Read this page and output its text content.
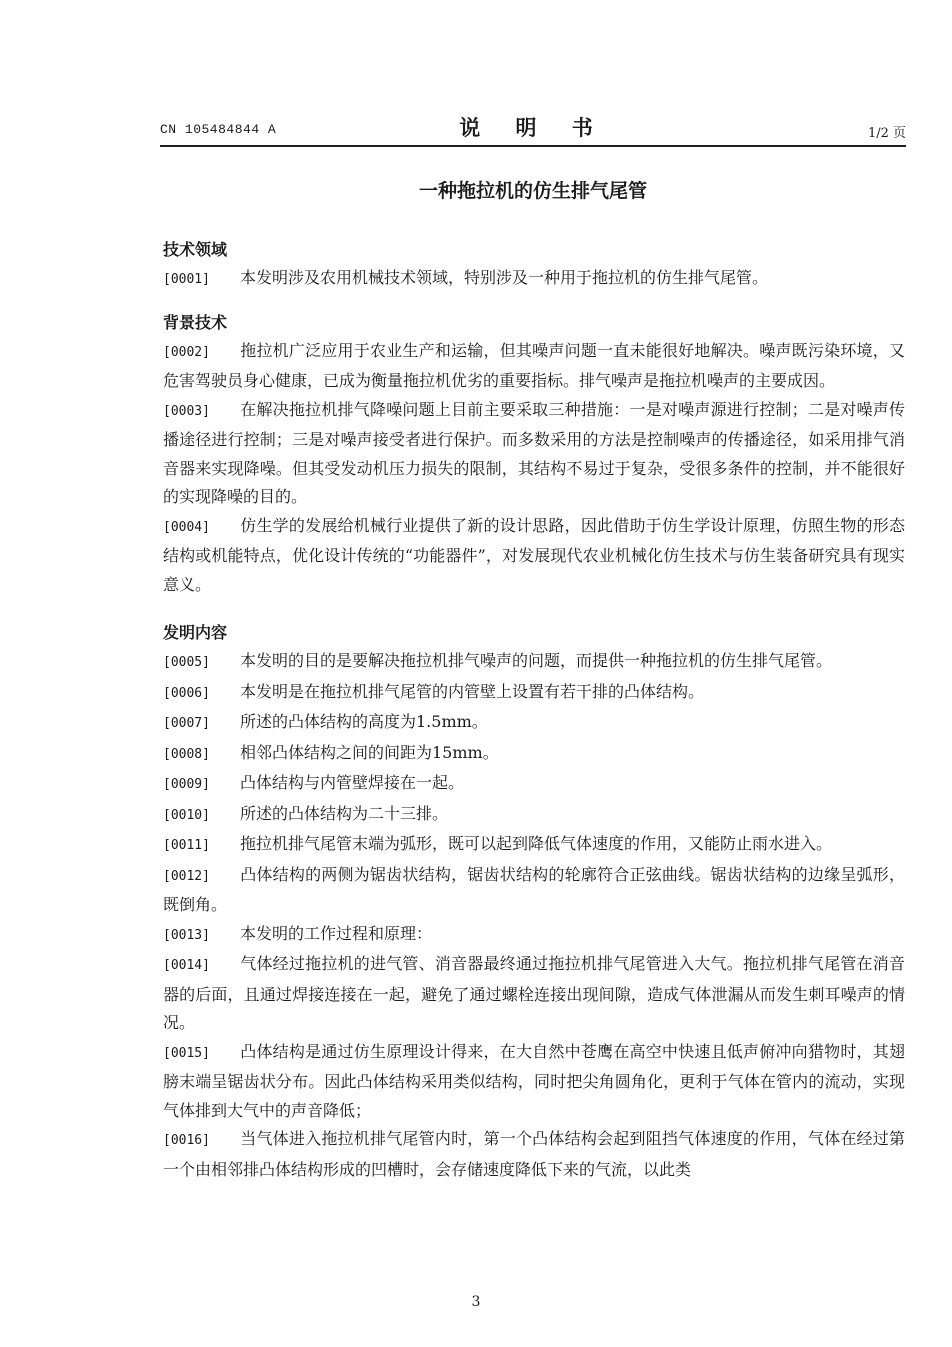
CN 105484844 A	说 明 书	1/2 页
一种拖拉机的仿生排气尾管
技术领域
[0001] 本发明涉及农用机械技术领域，特别涉及一种用于拖拉机的仿生排气尾管。
背景技术
[0002] 拖拉机广泛应用于农业生产和运输，但其噪声问题一直未能很好地解决。噪声既污染环境，又危害驾驶员身心健康，已成为衡量拖拉机优劣的重要指标。排气噪声是拖拉机噪声的主要成因。
[0003] 在解决拖拉机排气降噪问题上目前主要采取三种措施：一是对噪声源进行控制；二是对噪声传播途径进行控制；三是对噪声接受者进行保护。而多数采用的方法是控制噪声的传播途径，如采用排气消音器来实现降噪。但其受发动机压力损失的限制，其结构不易过于复杂，受很多条件的控制，并不能很好的实现降噪的目的。
[0004] 仿生学的发展给机械行业提供了新的设计思路，因此借助于仿生学设计原理，仿照生物的形态结构或机能特点，优化设计传统的“功能器件”，对发展现代农业机械化仿生技术与仿生装备研究具有现实意义。
发明内容
[0005] 本发明的目的是要解决拖拉机排气噪声的问题，而提供一种拖拉机的仿生排气尾管。
[0006] 本发明是在拖拉机排气尾管的内管壁上设置有若干排的凸体结构。
[0007] 所述的凸体结构的高度为1.5mm。
[0008] 相邻凸体结构之间的间距为15mm。
[0009] 凸体结构与内管壁焊接在一起。
[0010] 所述的凸体结构为二十三排。
[0011] 拖拉机排气尾管末端为弧形，既可以起到降低气体速度的作用，又能防止雨水进入。
[0012] 凸体结构的两侧为锯齿状结构，锯齿状结构的轮廓符合正弦曲线。锯齿状结构的边缘呈弧形，既倒角。
[0013] 本发明的工作过程和原理：
[0014] 气体经过拖拉机的进气管、消音器最终通过拖拉机排气尾管进入大气。拖拉机排气尾管在消音器的后面，且通过焊接连接在一起，避免了通过螺栓连接出现间隙，造成气体泄漏从而发生刺耳噪声的情况。
[0015] 凸体结构是通过仿生原理设计得来，在大自然中苍鹰在高空中快速且低声俯冲向猎物时，其翅膀末端呈锯齿状分布。因此凸体结构采用类似结构，同时把尖角圆角化，更利于气体在管内的流动，实现气体排到大气中的声音降低；
[0016] 当气体进入拖拉机排气尾管内时，第一个凸体结构会起到阻挡气体速度的作用，气体在经过第一个由相邻排凸体结构形成的凹槽时，会存储速度降低下来的气流，以此类
3
